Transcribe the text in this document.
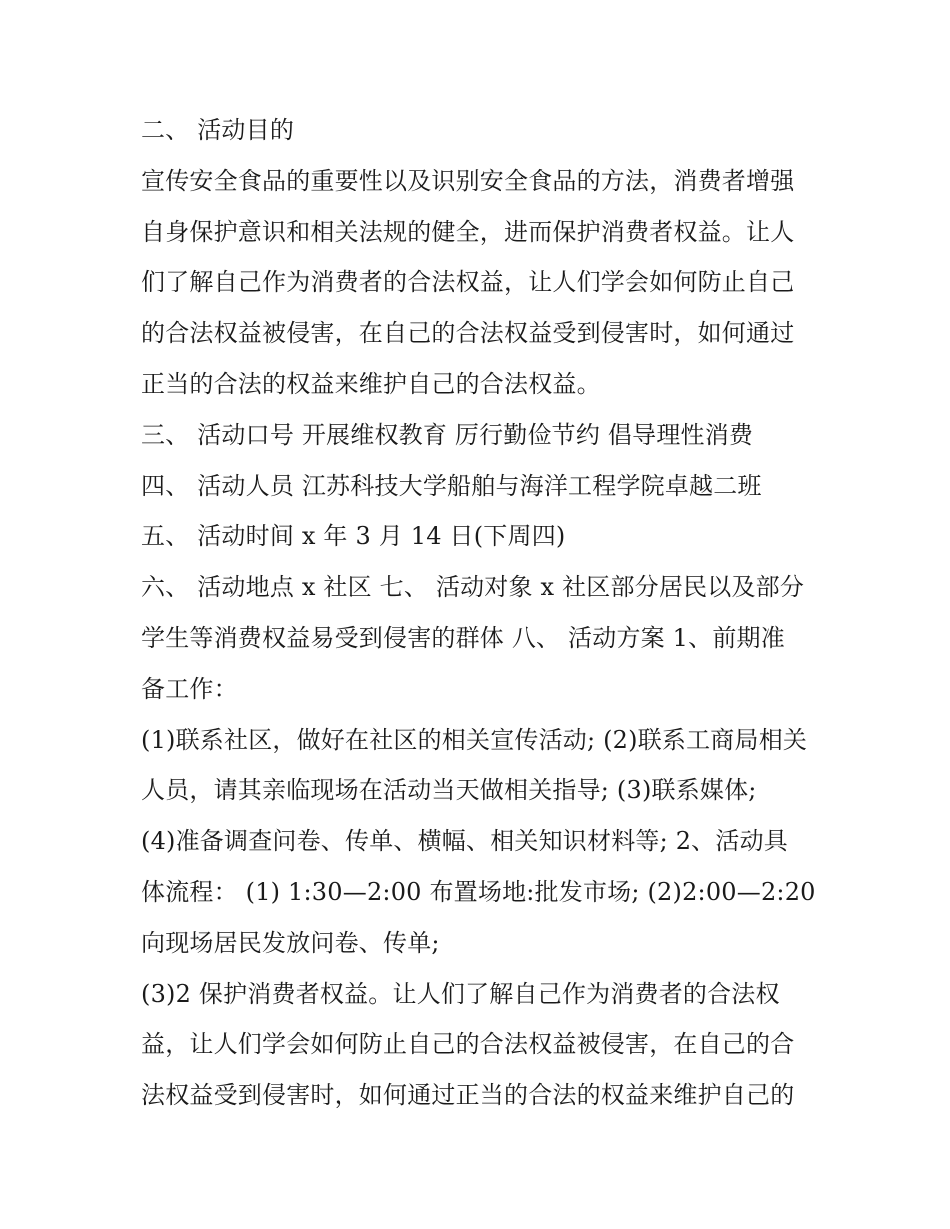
二、 活动目的
宣传安全食品的重要性以及识别安全食品的方法，消费者增强
自身保护意识和相关法规的健全，进而保护消费者权益。让人
们了解自己作为消费者的合法权益，让人们学会如何防止自己
的合法权益被侵害，在自己的合法权益受到侵害时，如何通过
正当的合法的权益来维护自己的合法权益。
三、 活动口号 开展维权教育 厉行勤俭节约 倡导理性消费
四、 活动人员 江苏科技大学船舶与海洋工程学院卓越二班
五、 活动时间 x 年 3 月 14 日(下周四)
六、 活动地点 x 社区 七、 活动对象 x 社区部分居民以及部分
学生等消费权益易受到侵害的群体 八、 活动方案 1、前期准
备工作：
(1)联系社区，做好在社区的相关宣传活动; (2)联系工商局相关
人员，请其亲临现场在活动当天做相关指导; (3)联系媒体;
(4)准备调查问卷、传单、横幅、相关知识材料等; 2、活动具
体流程： (1) 1:30—2:00 布置场地:批发市场; (2)2:00—2:20
向现场居民发放问卷、传单;
(3)2 保护消费者权益。让人们了解自己作为消费者的合法权
益，让人们学会如何防止自己的合法权益被侵害，在自己的合
法权益受到侵害时，如何通过正当的合法的权益来维护自己的
